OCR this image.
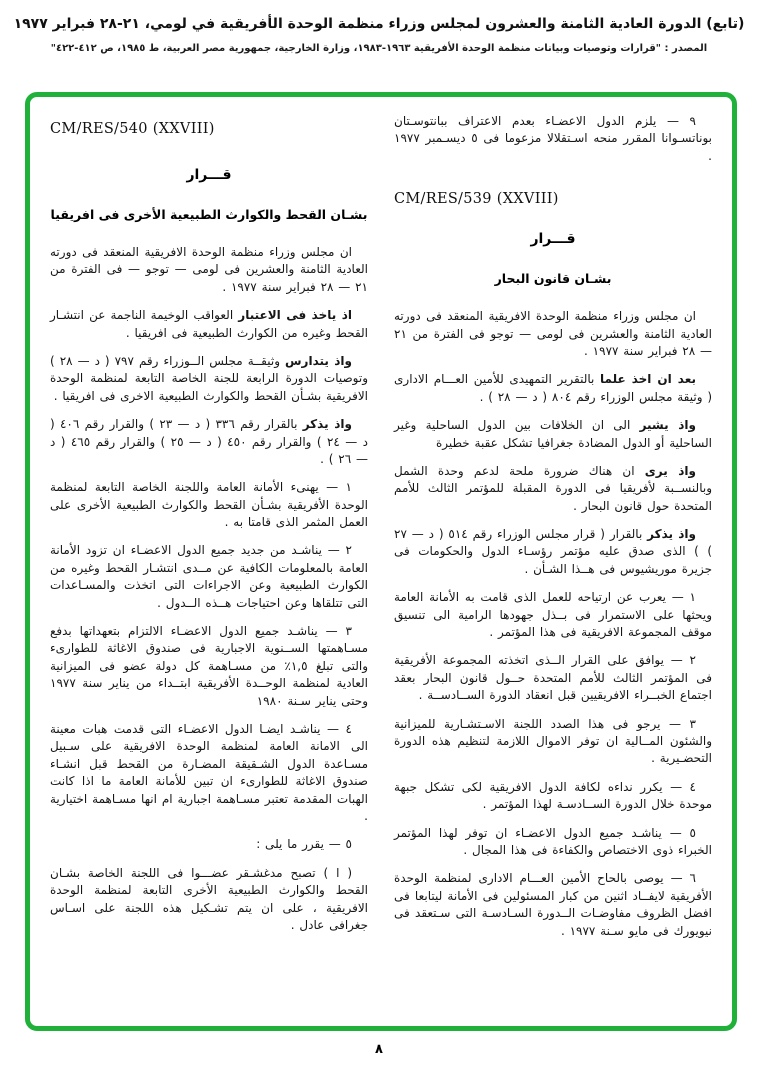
(تابع) الدورة العادية الثامنة والعشرون لمجلس وزراء منظمة الوحدة الأفريقية في لومي، ٢١-٢٨ فبراير ١٩٧٧
المصدر : "قرارات وتوصيات وبيانات منظمة الوحدة الأفريقية ١٩٦٣-١٩٨٣، وزارة الخارجية، جمهورية مصر العربية، ط ١٩٨٥، ص ٤١٢-٤٢٢"

٩ — يلزم الدول الاعضـاء بعدم الاعتراف ببانتوسـتان بوناتسـوانا المقرر منحه اسـتقلالا مزعوما فى ٥ ديسـمبر ١٩٧٧ .

CM/RES/539 (XXVIII)
قـــرار
بشـان قانون البحار

ان مجلس وزراء منظمة الوحدة الافريقية المنعقد فى دورته العادية الثامنة والعشرين فى لومى — توجو فى الفترة من ٢١ — ٢٨ فبراير سنة ١٩٧٧ .

بعد ان اخذ علما بالتقرير التمهيدى للأمين العـــام الادارى ( وثيقة مجلس الوزراء رقم ٨٠٤ ( د — ٢٨ ) .

واذ يشير الى ان الخلافات بين الدول الساحلية وغير الساحلية أو الدول المضادة جغرافيا تشكل عقبة خطيرة

واذ يرى ان هناك ضرورة ملحة لدعم وحدة الشمل وبالنســبة لأفريقيا فى الدورة المقبلة للمؤتمر الثالث للأمم المتحدة حول قانون البحار .

واذ يذكر بالقرار ( قرار مجلس الوزراء رقم ٥١٤ ( د — ٢٧ ) ) الذى صدق عليه مؤتمر رؤسـاء الدول والحكومات فى جزيرة موريشيوس فى هــذا الشـأن .

١ — يعرب عن ارتياحه للعمل الذى قامت به الأمانة العامة ويحثها على الاستمرار فى بــذل جهودها الرامية الى تنسيق موقف المجموعة الافريقية فى هذا المؤتمر .

٢ — يوافق على القرار الــذى اتخذته المجموعة الأفريقية فى المؤتمر الثالث للأمم المتحدة حــول قانون البحار بعقد اجتماع الخبــراء الافريقيين قبل انعقاد الدورة الســادســة .

٣ — يرجو فى هذا الصدد اللجنة الاسـتشـارية للميزانية والشئون المــالية ان توفر الاموال اللازمة لتنظيم هذه الدورة التحضـيرية .

٤ — يكرر نداءه لكافة الدول الافريقية لكى تشكل جبهة موحدة خلال الدورة الســادسـة لهذا المؤتمر .

٥ — يناشـد جميع الدول الاعضـاء ان توفر لهذا المؤتمر الخبراء ذوى الاختصاص والكفاءة فى هذا المجال .

٦ — يوصى بالحاح الأمين العـــام الادارى لمنظمة الوحدة الأفريقية لايفــاد اثنين من كبار المسئولين فى الأمانة ليتابعا فى افضل الظروف مفاوضـات الــدورة السـادسـة التى سـتعقد فى نيويورك فى مايو سـنة ١٩٧٧ .

CM/RES/540 (XXVIII)
قـــرار
بشـان القحط والكوارث الطبيعية الأخرى فى افريقيا

ان مجلس وزراء منظمة الوحدة الافريقية المنعقد فى دورته العادية الثامنة والعشرين فى لومى — توجو — فى الفترة من ٢١ — ٢٨ فبراير سنة ١٩٧٧ .

اذ ياخذ فى الاعتبار العواقب الوخيمة الناجمة عن انتشـار القحط وغيره من الكوارث الطبيعية فى افريقيا .

واذ يتدارس وثيقــة مجلس الــوزراء رقم ٧٩٧ ( د — ٢٨ ) وتوصيات الدورة الرابعة للجنة الخاصة التابعة لمنظمة الوحدة الافريقية بشـأن القحط والكوارث الطبيعية الاخرى فى افريقيا .

واذ يذكر بالقرار رقم ٣٣٦ ( د — ٢٣ ) والقرار رقم ٤٠٦ ( د — ٢٤ ) والقرار رقم ٤٥٠ ( د — ٢٥ ) والقرار رقم ٤٦٥ ( د — ٢٦ ) .

١ — يهنىء الأمانة العامة واللجنة الخاصة التابعة لمنظمة الوحدة الأفريقية بشـأن القحط والكوارث الطبيعية الأخرى على العمل المثمر الذى قامتا به .

٢ — يناشـد من جديد جميع الدول الاعضـاء ان تزود الأمانة العامة بالمعلومات الكافية عن مــدى انتشـار القحط وغيره من الكوارث الطبيعية وعن الاجراءات التى اتخذت والمسـاعدات التى تتلقاها وعن احتياجات هــذه الــدول .

٣ — يناشـد جميع الدول الاعضـاء الالتزام بتعهداتها بدفع مسـاهمتها الســنوية الاجبارية فى صندوق الاغاثة للطوارىء والتى تبلغ ١,٥٪ من مسـاهمة كل دولة عضو فى الميزانية العادية لمنظمة الوحــدة الأفريقية ابتــداء من يناير سنة ١٩٧٧ وحتى يناير سـنة ١٩٨٠

٤ — يناشـد ايضـا الدول الاعضـاء التى قدمت هبات معينة الى الامانة العامة لمنظمة الوحدة الافريقية على سـبيل مسـاعدة الدول الشـقيقة المضـارة من القحط قبل انشـاء صندوق الاغاثة للطوارىء ان تبين للأمانة العامة ما اذا كانت الهبات المقدمة تعتبر مسـاهمة اجبارية ام انها مسـاهمة اختيارية .

٥ — يقرر ما يلى :

( ا ) تصبح مدغشـقر عضـــوا فى اللجنة الخاصة بشـان القحط والكوارث الطبيعية الأخرى التابعة لمنظمة الوحدة الافريقية ، على ان يتم تشـكيل هذه اللجنة على اسـاس جغرافى عادل .

٨
